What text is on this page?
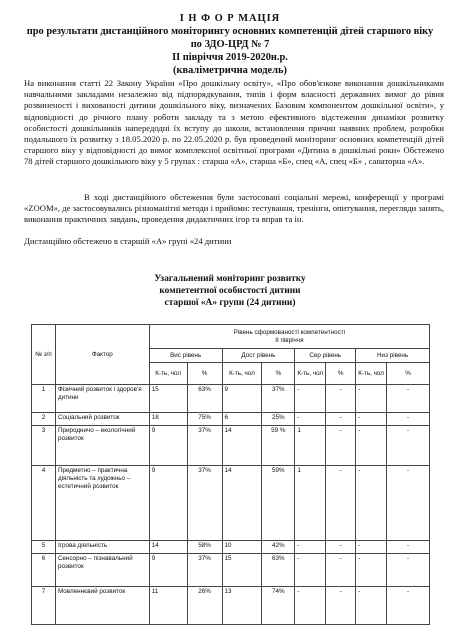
І Н Ф О Р МАЦІЯ
про результати дистанційного моніторингу основних компетенцій дітей старшого віку
по ЗДО-ЦРД № 7
ІІ півріччя 2019-2020н.р.
(кваліметрична модель)
На виконання статті 22 Закону України «Про дошкільну освіту», «Про обов'язкове виконання дошкільниками навчальними закладами незалежно від підпорядкування, типів і форм власності державних вимог до рівня розвиненості і вихованості дитини дошкільного віку, визначених Базовим компонентом дошкільної освіти», у відповідності до річного плану роботи закладу та з метою ефективного відстеження динаміки розвитку особистості дошкільників напередодні їх вступу до школи, встановлення причин наявних проблем, розробки подальшого їх розвитку з 18.05.2020 р. по 22.05.2020 р. був проведений моніторинг основних компетенцій дітей старшого віку у відповідності до вимог комплексної освітньої програми «Дитина в дошкільні роки» Обстежено 78 дітей старшого дошкільного віку у 5 групах : старша «А», старша «Б», спец «А, спец «Б» , санаторна «А».
В ході дистанційного обстеження були застосовані соціальні мережі, конференції у програмі «ZOOM», де застосовувались різноманітні методи і прийоми: тестування, тренінги, опитування, перегляди занять, виконання практичних завдань, проведення дидактичних ігор та вправ та ін.
Дистанційно обстежено в старшій «А» групі «24 дитини
Узагальнений моніторинг розвитку
компетентної особистості дитини
старшої «А» групи (24 дитини)
№ з/п	Фактор	Рівень сформованості компетентності
ІІ півріччя							

		Вис рівень		Дост рівень		Сер рівень		Низ рівень	
		К-ть, чол	%	К-ть, чол	%	К-ть, чол	%	К-ть, чол	%
1	Фізичний розвиток і здоров'я дитини	15	63%	9	37%	-	-	-	-
2	Соціальний розвиток	18	75%	6	25%	-	-	-	-
3	Природничо – екологічний розвиток	9	37%	14	59 %	1	-	-	-
4	Предметно – практична діяльність та художньо – естетичний розвиток	9	37%	14	59%	1	-	-	-
5	Ігрова діяльність	14	58%	10	42%	-	-	-	-
6	Сенсорно – пізнавальний розвиток	9	37%	15	63%	-	-	-	-
7	Мовленнєвий розвиток	11	26%	13	74%	-	-	-	-
